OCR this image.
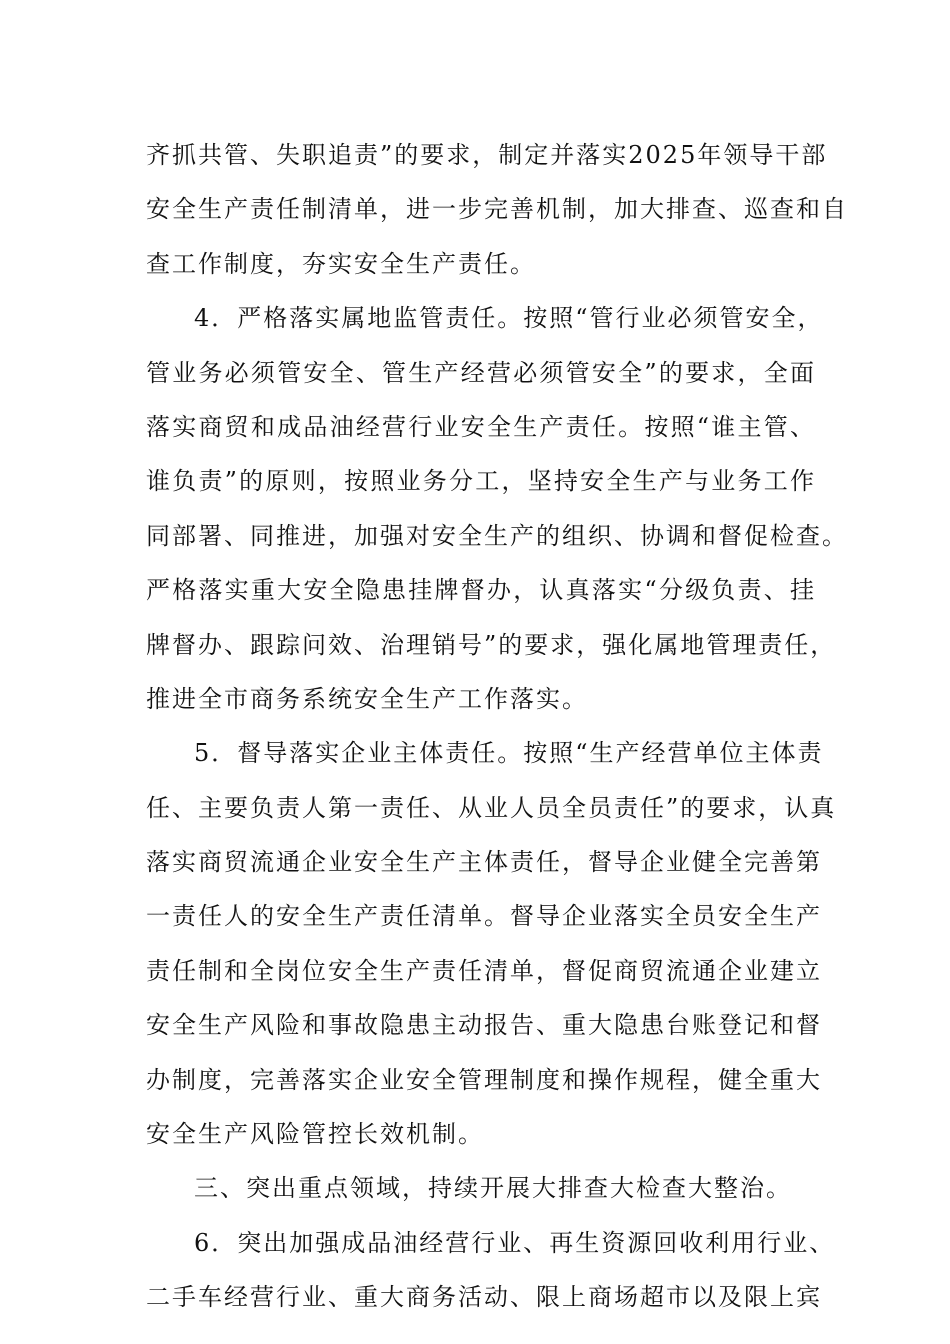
齐抓共管、失职追责”的要求，制定并落实2025年领导干部
安全生产责任制清单，进一步完善机制，加大排查、巡查和自
查工作制度，夯实安全生产责任。
4．严格落实属地监管责任。按照“管行业必须管安全，
管业务必须管安全、管生产经营必须管安全”的要求，全面
落实商贸和成品油经营行业安全生产责任。按照“谁主管、
谁负责”的原则，按照业务分工，坚持安全生产与业务工作
同部署、同推进，加强对安全生产的组织、协调和督促检查。
严格落实重大安全隐患挂牌督办，认真落实“分级负责、挂
牌督办、跟踪问效、治理销号”的要求，强化属地管理责任，
推进全市商务系统安全生产工作落实。
5．督导落实企业主体责任。按照“生产经营单位主体责
任、主要负责人第一责任、从业人员全员责任”的要求，认真
落实商贸流通企业安全生产主体责任，督导企业健全完善第
一责任人的安全生产责任清单。督导企业落实全员安全生产
责任制和全岗位安全生产责任清单，督促商贸流通企业建立
安全生产风险和事故隐患主动报告、重大隐患台账登记和督
办制度，完善落实企业安全管理制度和操作规程，健全重大
安全生产风险管控长效机制。
三、突出重点领域，持续开展大排查大检查大整治。
6．突出加强成品油经营行业、再生资源回收利用行业、
二手车经营行业、重大商务活动、限上商场超市以及限上宾
